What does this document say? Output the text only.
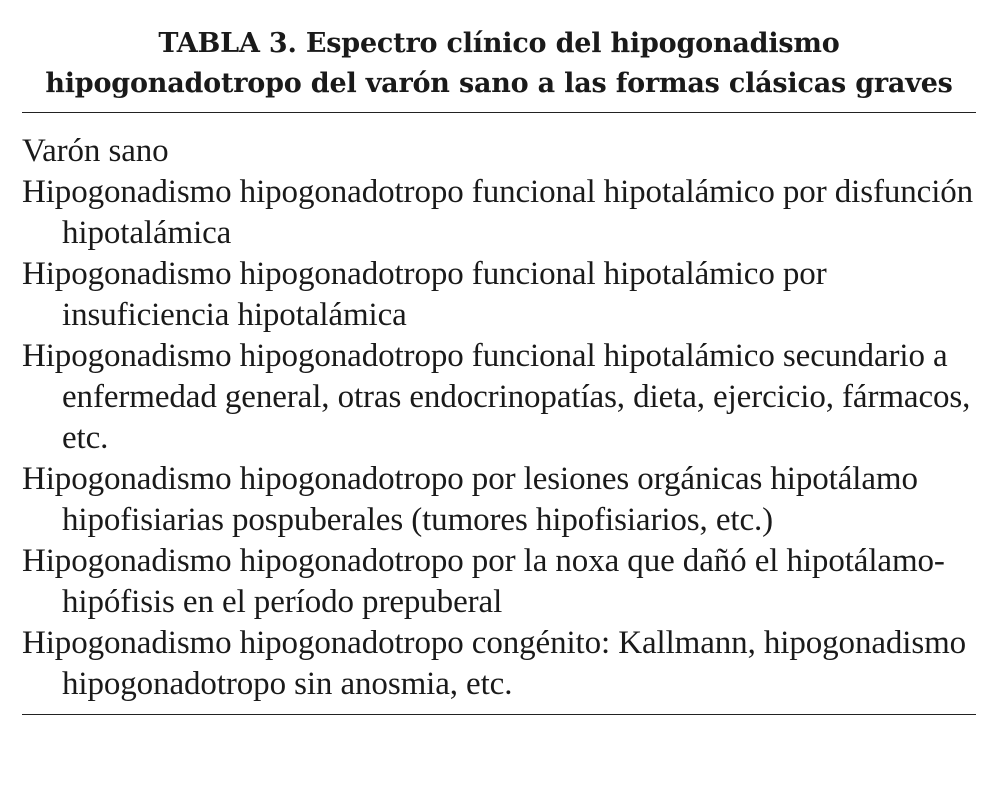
TABLA 3. Espectro clínico del hipogonadismo
hipogonadotropo del varón sano a las formas clásicas graves
Varón sano
Hipogonadismo hipogonadotropo funcional hipotalámico por disfunción hipotalámica
Hipogonadismo hipogonadotropo funcional hipotalámico por insuficiencia hipotalámica
Hipogonadismo hipogonadotropo funcional hipotalámico secundario a enfermedad general, otras endocrinopatías, dieta, ejercicio, fármacos, etc.
Hipogonadismo hipogonadotropo por lesiones orgánicas hipotálamo hipofisiarias pospuberales (tumores hipofisiarios, etc.)
Hipogonadismo hipogonadotropo por la noxa que dañó el hipotálamo-hipófisis en el período prepuberal
Hipogonadismo hipogonadotropo congénito: Kallmann, hipogonadismo hipogonadotropo sin anosmia, etc.
